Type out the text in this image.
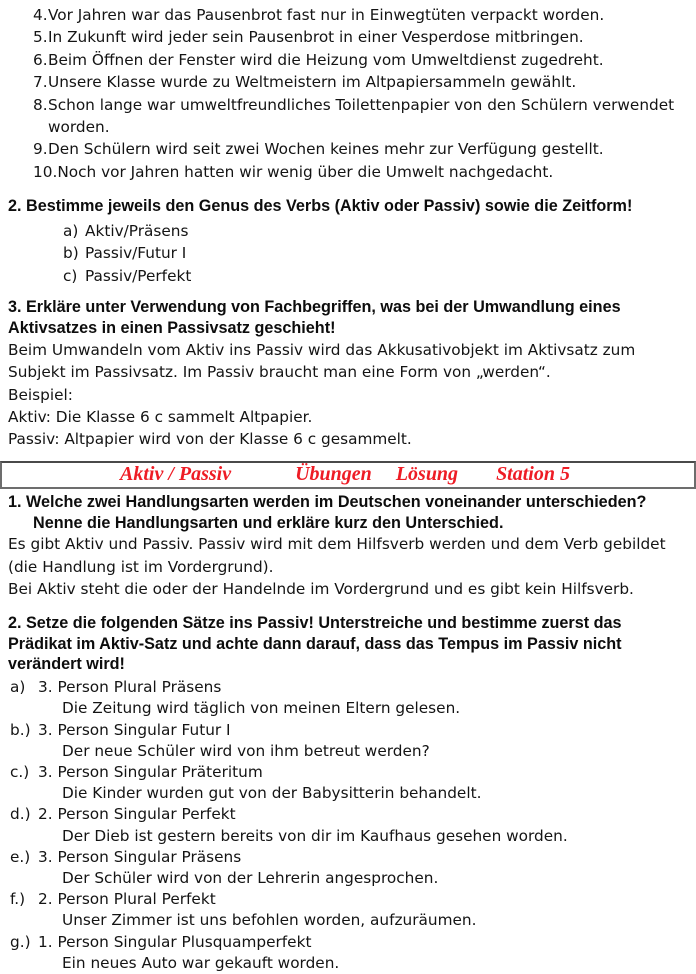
4. Vor Jahren war das Pausenbrot fast nur in Einwegtüten verpackt worden.
5. In Zukunft wird jeder sein Pausenbrot in einer Vesperdose mitbringen.
6. Beim Öffnen der Fenster wird die Heizung vom Umweltdienst zugedreht.
7. Unsere Klasse wurde zu Weltmeistern im Altpapiersammeln gewählt.
8. Schon lange war umweltfreundliches Toilettenpapier von den Schülern verwendet worden.
9. Den Schülern wird seit zwei Wochen keines mehr zur Verfügung gestellt.
10. Noch vor Jahren hatten wir wenig über die Umwelt nachgedacht.
2. Bestimme jeweils den Genus des Verbs (Aktiv oder Passiv) sowie die Zeitform!
a) Aktiv/Präsens
b) Passiv/Futur I
c) Passiv/Perfekt
3. Erkläre unter Verwendung von Fachbegriffen, was bei der Umwandlung eines Aktivsatzes in einen Passivsatz geschieht!
Beim Umwandeln vom Aktiv ins Passiv wird das Akkusativobjekt im Aktivsatz zum Subjekt im Passivsatz. Im Passiv braucht man eine Form von „werden“.
Beispiel:
Aktiv: Die Klasse 6 c sammelt Altpapier.
Passiv: Altpapier wird von der Klasse 6 c gesammelt.
Aktiv / Passiv	Übungen Lösung Station 5
1. Welche zwei Handlungsarten werden im Deutschen voneinander unterschieden?
Nenne die Handlungsarten und erkläre kurz den Unterschied.
Es gibt Aktiv und Passiv. Passiv wird mit dem Hilfsverb werden und dem Verb gebildet (die Handlung ist im Vordergrund).
Bei Aktiv steht die oder der Handelnde im Vordergrund und es gibt kein Hilfsverb.
2. Setze die folgenden Sätze ins Passiv! Unterstreiche und bestimme zuerst das Prädikat im Aktiv-Satz und achte dann darauf, dass das Tempus im Passiv nicht verändert wird!
a) 3. Person Plural Präsens
Die Zeitung wird täglich von meinen Eltern gelesen.
b.) 3. Person Singular Futur I
Der neue Schüler wird von ihm betreut werden?
c.) 3. Person Singular Präteritum
Die Kinder wurden gut von der Babysitterin behandelt.
d.) 2. Person Singular Perfekt
Der Dieb ist gestern bereits von dir im Kaufhaus gesehen worden.
e.) 3. Person Singular Präsens
Der Schüler wird von der Lehrerin angesprochen.
f.) 2. Person Plural Perfekt
Unser Zimmer ist uns befohlen worden, aufzuräumen.
g.) 1. Person Singular Plusquamperfekt
Ein neues Auto war gekauft worden.
